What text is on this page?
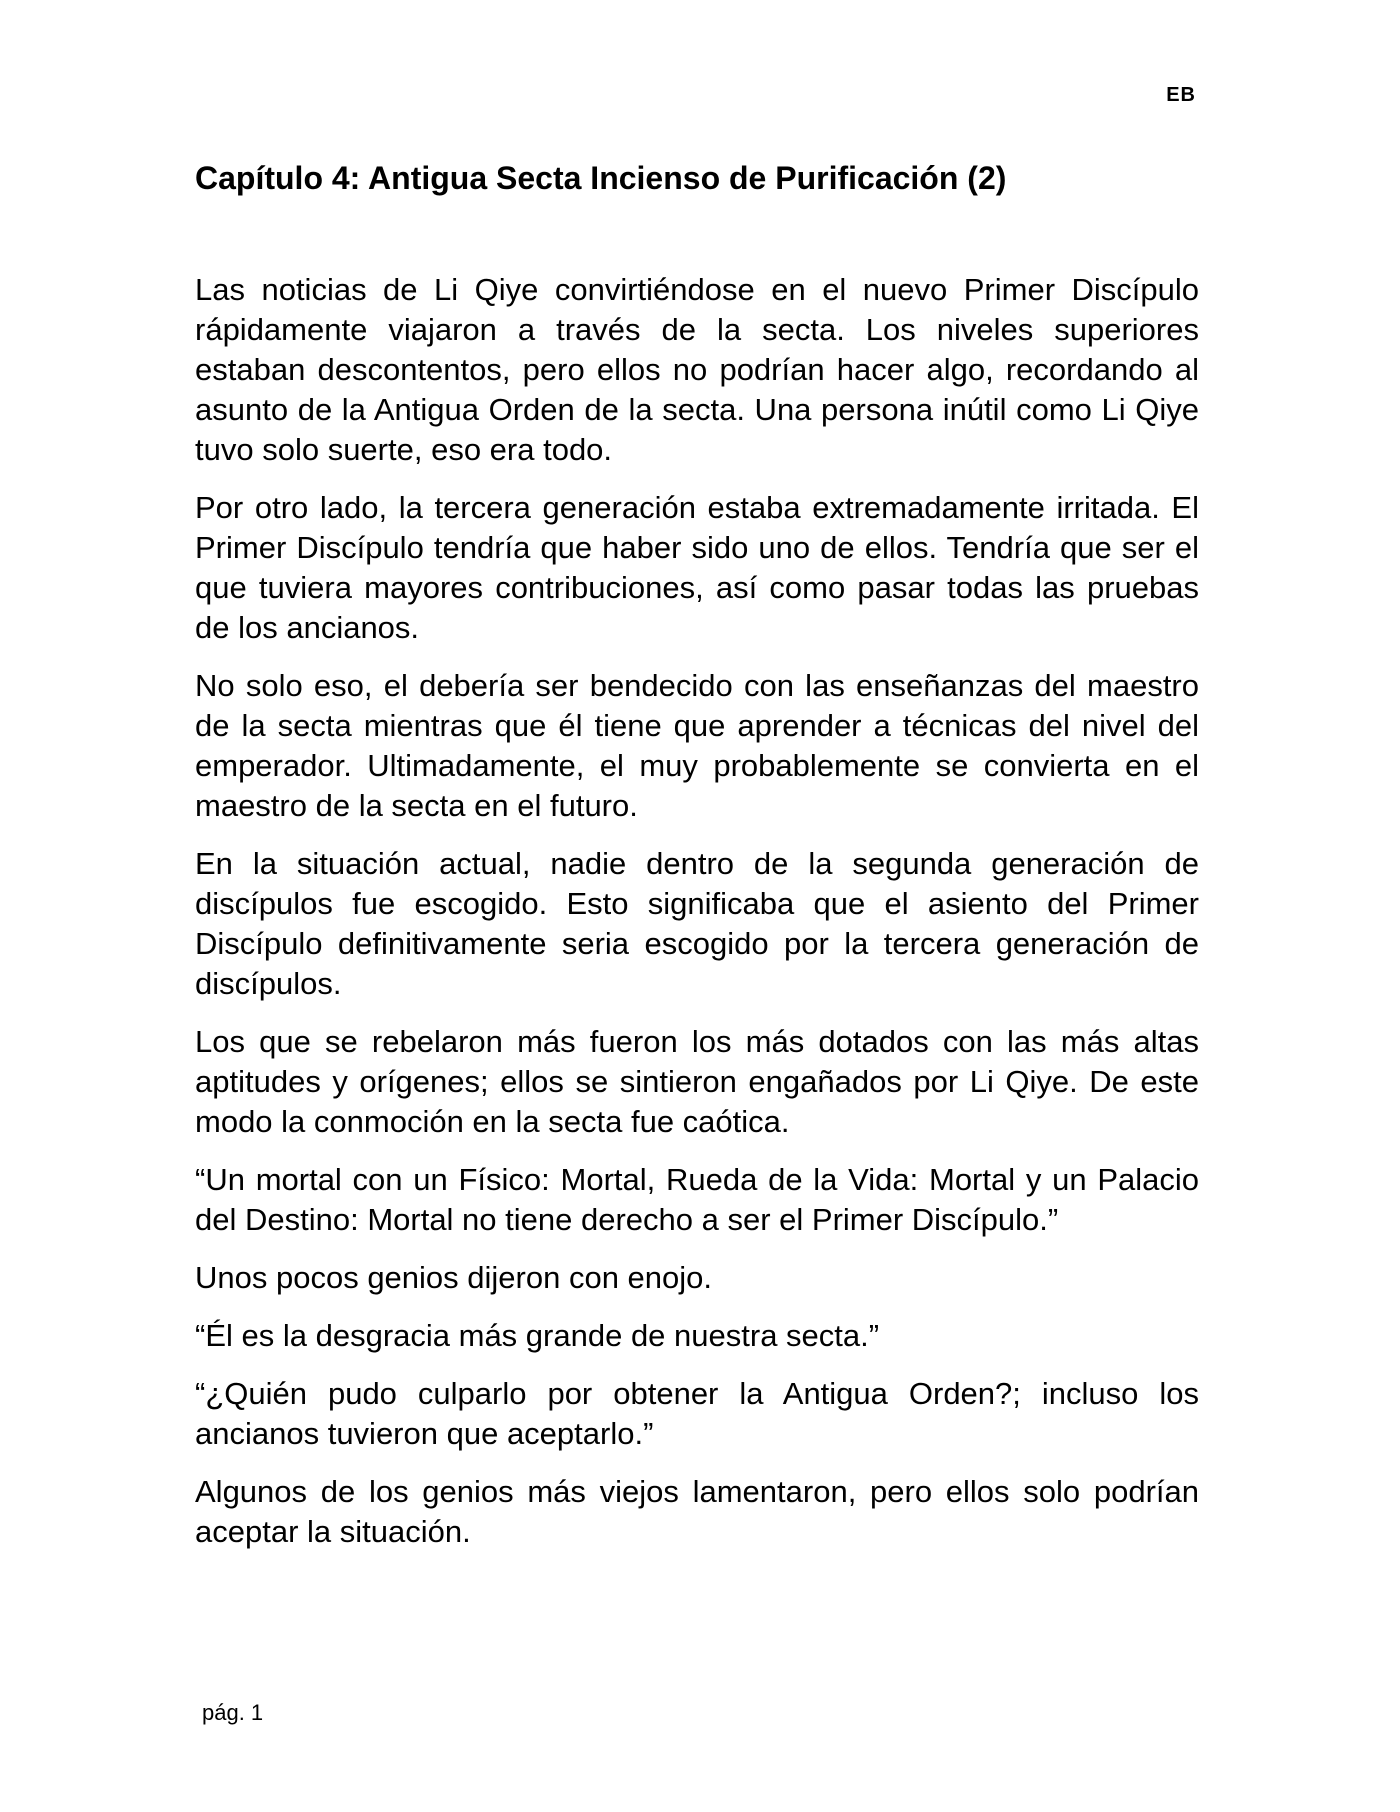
EB
Capítulo 4: Antigua Secta Incienso de Purificación (2)

Las noticias de Li Qiye convirtiéndose en el nuevo Primer Discípulo rápidamente viajaron a través de la secta. Los niveles superiores estaban descontentos, pero ellos no podrían hacer algo, recordando al asunto de la Antigua Orden de la secta. Una persona inútil como Li Qiye tuvo solo suerte, eso era todo.

Por otro lado, la tercera generación estaba extremadamente irritada. El Primer Discípulo tendría que haber sido uno de ellos. Tendría que ser el que tuviera mayores contribuciones, así como pasar todas las pruebas de los ancianos.

No solo eso, el debería ser bendecido con las enseñanzas del maestro de la secta mientras que él tiene que aprender a técnicas del nivel del emperador. Ultimadamente, el muy probablemente se convierta en el maestro de la secta en el futuro.

En la situación actual, nadie dentro de la segunda generación de discípulos fue escogido. Esto significaba que el asiento del Primer Discípulo definitivamente seria escogido por la tercera generación de discípulos.

Los que se rebelaron más fueron los más dotados con las más altas aptitudes y orígenes; ellos se sintieron engañados por Li Qiye. De este modo la conmoción en la secta fue caótica.

“Un mortal con un Físico: Mortal, Rueda de la Vida: Mortal y un Palacio del Destino: Mortal no tiene derecho a ser el Primer Discípulo.”

Unos pocos genios dijeron con enojo.

“Él es la desgracia más grande de nuestra secta.”

“¿Quién pudo culparlo por obtener la Antigua Orden?; incluso los ancianos tuvieron que aceptarlo.”

Algunos de los genios más viejos lamentaron, pero ellos solo podrían aceptar la situación.

pág. 1
